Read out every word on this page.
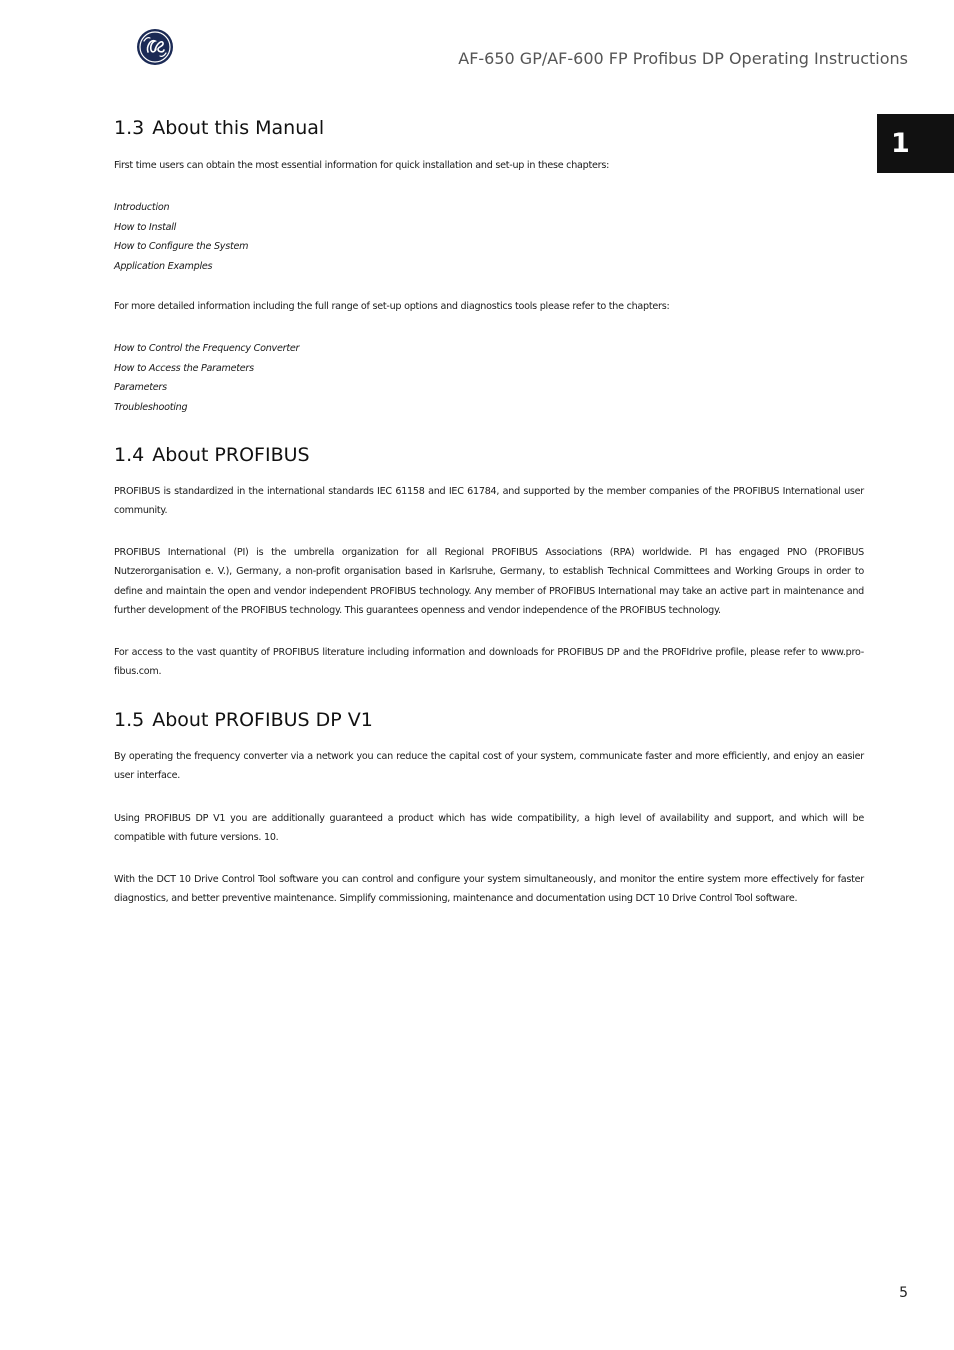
AF-650 GP/AF-600 FP Profibus DP Operating Instructions
1
1.3 About this Manual

First time users can obtain the most essential information for quick installation and set-up in these chapters:

Introduction
How to Install
How to Configure the System
Application Examples

For more detailed information including the full range of set-up options and diagnostics tools please refer to the chapters:

How to Control the Frequency Converter
How to Access the Parameters
Parameters
Troubleshooting
1.4 About PROFIBUS

PROFIBUS is standardized in the international standards IEC 61158 and IEC 61784, and supported by the member companies of the PROFIBUS International user community.

PROFIBUS International (PI) is the umbrella organization for all Regional PROFIBUS Associations (RPA) worldwide. PI has engaged PNO (PROFIBUS Nutzerorganisation e. V.), Germany, a non-profit organisation based in Karlsruhe, Germany, to establish Technical Committees and Working Groups in order to define and maintain the open and vendor independent PROFIBUS technology. Any member of PROFIBUS International may take an active part in maintenance and further development of the PROFIBUS technology. This guarantees openness and vendor independence of the PROFIBUS technology.

For access to the vast quantity of PROFIBUS literature including information and downloads for PROFIBUS DP and the PROFIdrive profile, please refer to www.pro-fibus.com.

1.5 About PROFIBUS DP V1

By operating the frequency converter via a network you can reduce the capital cost of your system, communicate faster and more efficiently, and enjoy an easier user interface.

Using PROFIBUS DP V1 you are additionally guaranteed a product which has wide compatibility, a high level of availability and support, and which will be compatible with future versions. 10.

With the DCT 10 Drive Control Tool software you can control and configure your system simultaneously, and monitor the entire system more effectively for faster diagnostics, and better preventive maintenance. Simplify commissioning, maintenance and documentation using DCT 10 Drive Control Tool software.

5
